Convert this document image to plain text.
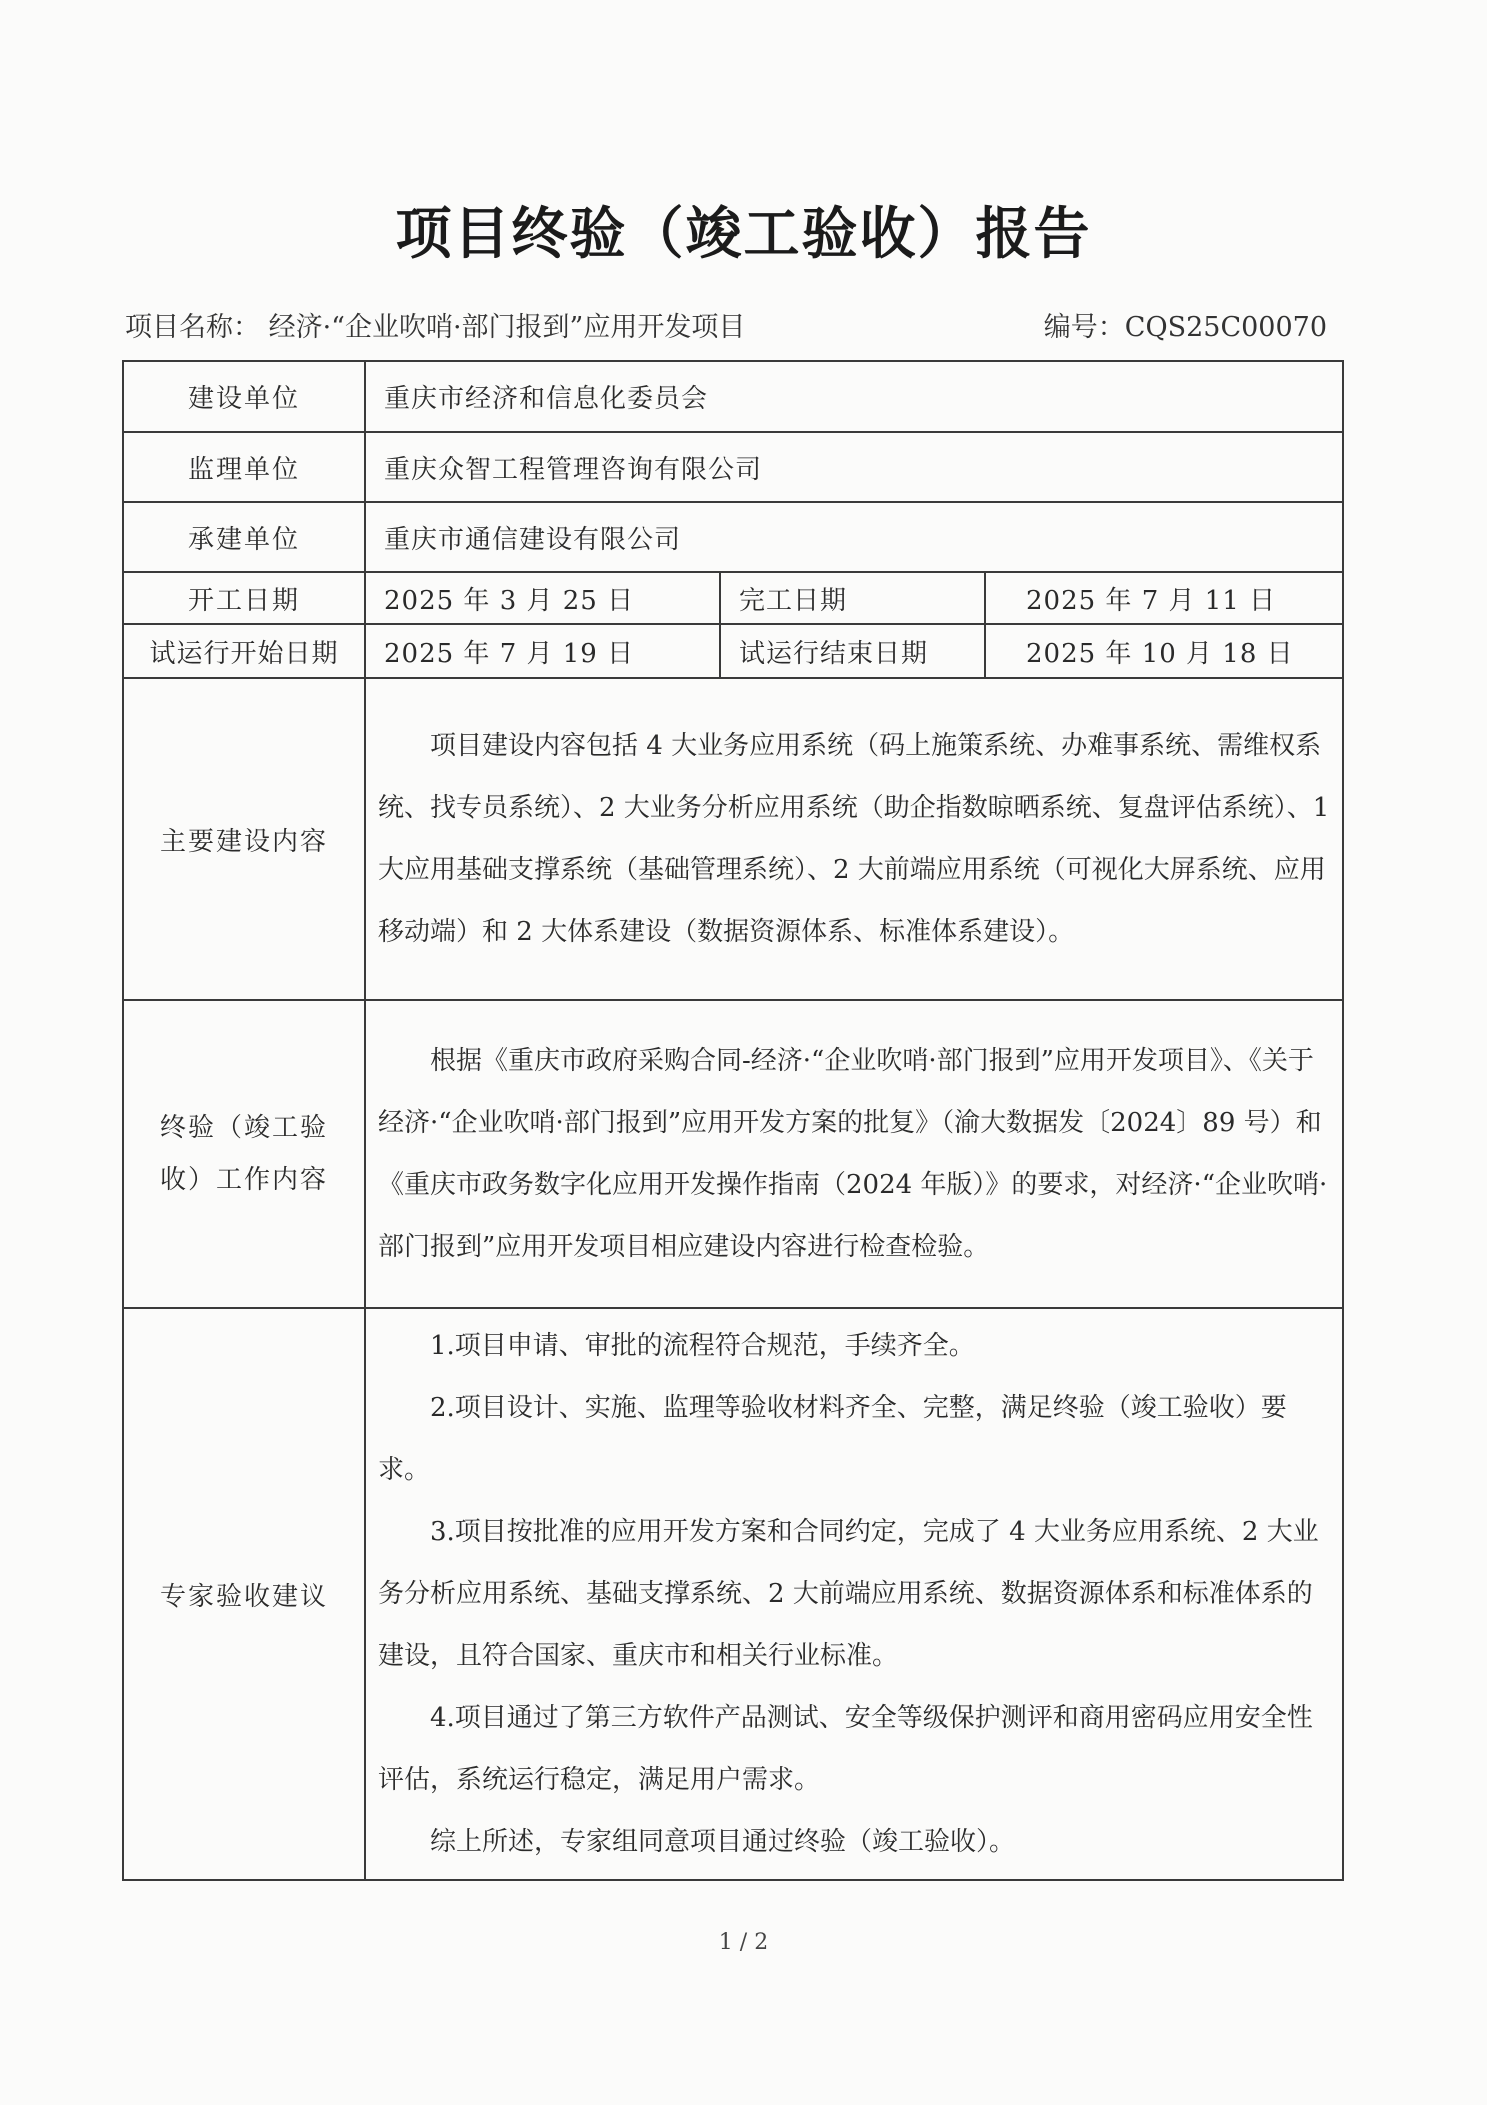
项目终验（竣工验收）报告
项目名称： 经济·“企业吹哨·部门报到”应用开发项目	编号：CQS25C00070
建设单位	重庆市经济和信息化委员会		
监理单位	重庆众智工程管理咨询有限公司		
承建单位	重庆市通信建设有限公司		
开工日期	2025 年 3 月 25 日	完工日期	2025 年 7 月 11 日
试运行开始日期	2025 年 7 月 19 日	试运行结束日期	2025 年 10 月 18 日
主要建设内容	项目建设内容包括 4 大业务应用系统（码上施策系统、办难事系统、需维权系统、找专员系统）、2 大业务分析应用系统（助企指数晾晒系统、复盘评估系统）、1 大应用基础支撑系统（基础管理系统）、2 大前端应用系统（可视化大屏系统、应用移动端）和 2 大体系建设（数据资源体系、标准体系建设）。		

终验（竣工验
收）工作内容	根据《重庆市政府采购合同-经济·“企业吹哨·部门报到”应用开发项目》、《关于经济·“企业吹哨·部门报到”应用开发方案的批复》（渝大数据发〔2024〕89 号）和《重庆市政务数字化应用开发操作指南（2024 年版）》的要求，对经济·“企业吹哨·部门报到”应用开发项目相应建设内容进行检查检验。		

专家验收建议	1.项目申请、审批的流程符合规范，手续齐全。

2.项目设计、实施、监理等验收材料齐全、完整，满足终验（竣工验收）要求。

3.项目按批准的应用开发方案和合同约定，完成了 4 大业务应用系统、2 大业务分析应用系统、基础支撑系统、2 大前端应用系统、数据资源体系和标准体系的建设，且符合国家、重庆市和相关行业标准。

4.项目通过了第三方软件产品测试、安全等级保护测评和商用密码应用安全性评估，系统运行稳定，满足用户需求。

综上所述，专家组同意项目通过终验（竣工验收）。		

1 / 2
